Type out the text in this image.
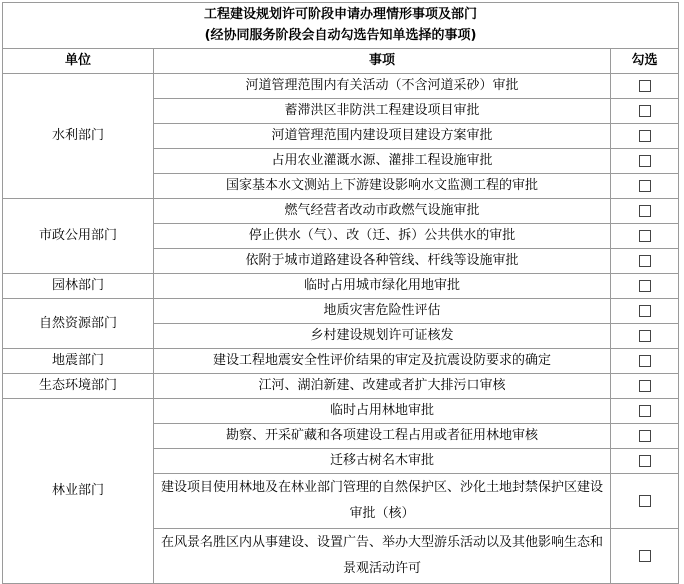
工程建设规划许可阶段申请办理情形事项及部门
(经协同服务阶段会自动勾选告知单选择的事项)		

单位	事项	勾选
水利部门	河道管理范围内有关活动（不含河道采砂）审批	
	蓄滞洪区非防洪工程建设项目审批	
	河道管理范围内建设项目建设方案审批	
	占用农业灌溉水源、灌排工程设施审批	
	国家基本水文测站上下游建设影响水文监测工程的审批	
市政公用部门	燃气经营者改动市政燃气设施审批	
	停止供水（气）、改（迁、拆）公共供水的审批	
	依附于城市道路建设各种管线、杆线等设施审批	
园林部门	临时占用城市绿化用地审批	
自然资源部门	地质灾害危险性评估	
	乡村建设规划许可证核发	
地震部门	建设工程地震安全性评价结果的审定及抗震设防要求的确定	
生态环境部门	江河、湖泊新建、改建或者扩大排污口审核	
林业部门	临时占用林地审批	
	勘察、开采矿藏和各项建设工程占用或者征用林地审核	
	迁移古树名木审批	
	建设项目使用林地及在林业部门管理的自然保护区、沙化土地封禁保护区建设审批（核）	
	在风景名胜区内从事建设、设置广告、举办大型游乐活动以及其他影响生态和景观活动许可	
